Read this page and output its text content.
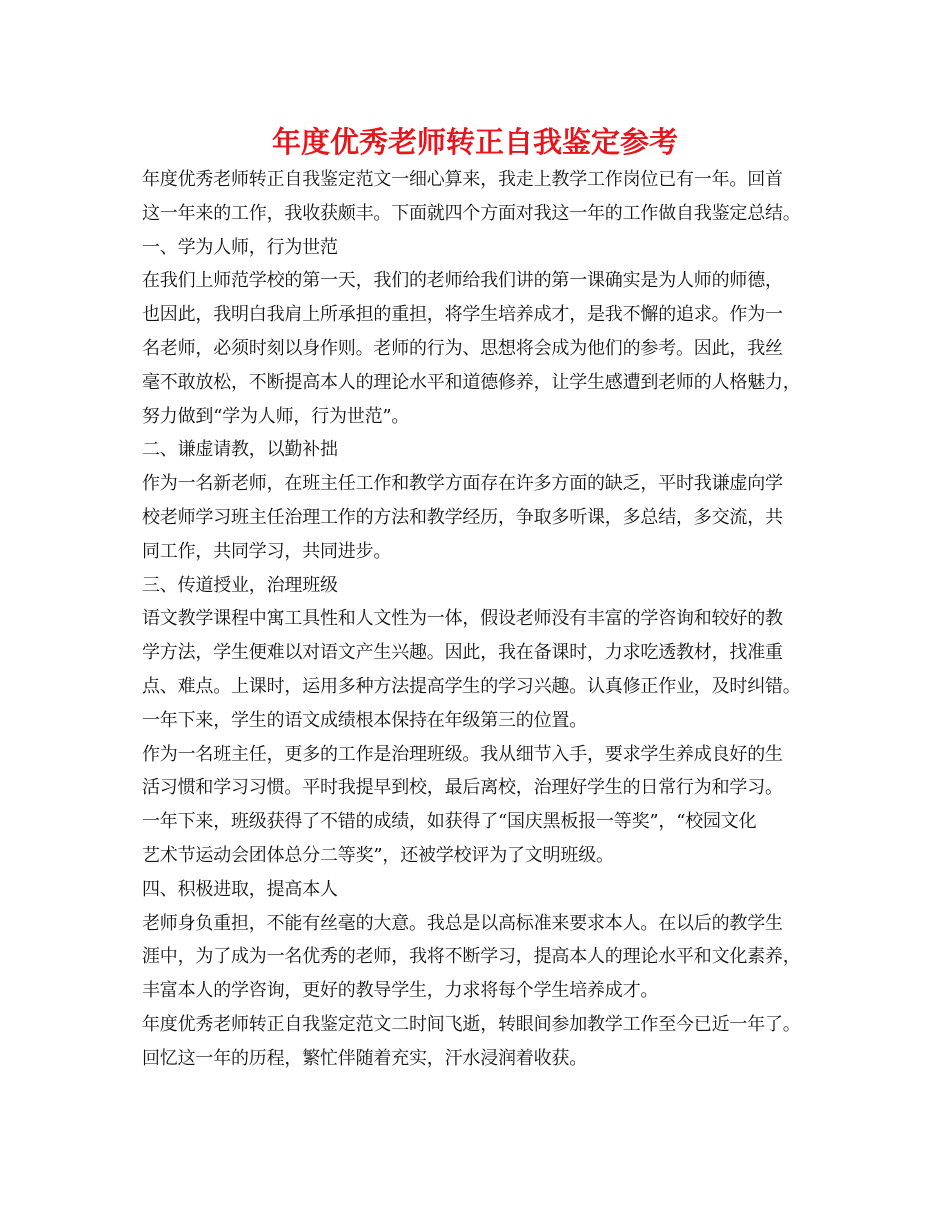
年度优秀老师转正自我鉴定参考
年度优秀老师转正自我鉴定范文一细心算来，我走上教学工作岗位已有一年。回首
这一年来的工作，我收获颇丰。下面就四个方面对我这一年的工作做自我鉴定总结。
一、学为人师，行为世范
在我们上师范学校的第一天，我们的老师给我们讲的第一课确实是为人师的师德，
也因此，我明白我肩上所承担的重担，将学生培养成才，是我不懈的追求。作为一
名老师，必须时刻以身作则。老师的行为、思想将会成为他们的参考。因此，我丝
毫不敢放松，不断提高本人的理论水平和道德修养，让学生感遭到老师的人格魅力，
努力做到“学为人师，行为世范”。
二、谦虚请教，以勤补拙
作为一名新老师，在班主任工作和教学方面存在许多方面的缺乏，平时我谦虚向学
校老师学习班主任治理工作的方法和教学经历，争取多听课，多总结，多交流，共
同工作，共同学习，共同进步。
三、传道授业，治理班级
语文教学课程中寓工具性和人文性为一体，假设老师没有丰富的学咨询和较好的教
学方法，学生便难以对语文产生兴趣。因此，我在备课时，力求吃透教材，找准重
点、难点。上课时，运用多种方法提高学生的学习兴趣。认真修正作业，及时纠错。
一年下来，学生的语文成绩根本保持在年级第三的位置。
作为一名班主任，更多的工作是治理班级。我从细节入手，要求学生养成良好的生
活习惯和学习习惯。平时我提早到校，最后离校，治理好学生的日常行为和学习。
一年下来，班级获得了不错的成绩，如获得了“国庆黑板报一等奖”，“校园文化
艺术节运动会团体总分二等奖”，还被学校评为了文明班级。
四、积极进取，提高本人
老师身负重担，不能有丝毫的大意。我总是以高标准来要求本人。在以后的教学生
涯中，为了成为一名优秀的老师，我将不断学习，提高本人的理论水平和文化素养，
丰富本人的学咨询，更好的教导学生，力求将每个学生培养成才。
年度优秀老师转正自我鉴定范文二时间飞逝，转眼间参加教学工作至今已近一年了。
回忆这一年的历程，繁忙伴随着充实，汗水浸润着收获。
